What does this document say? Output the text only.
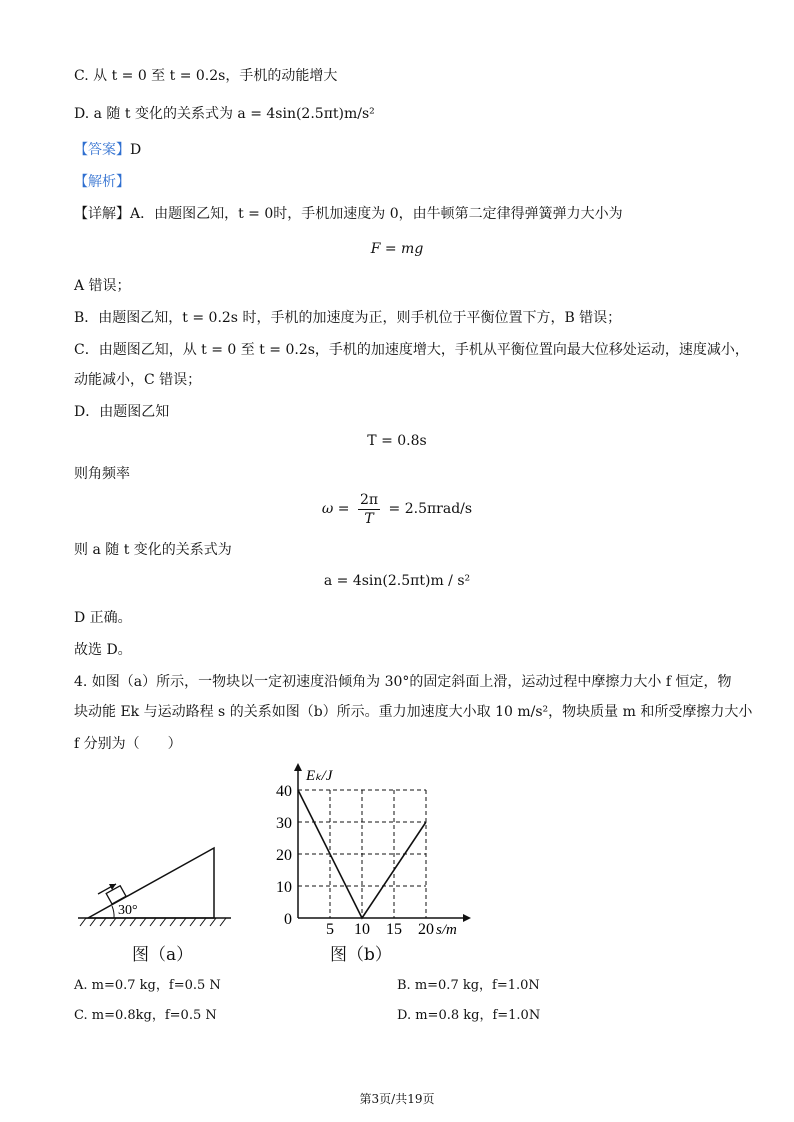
C. 从 t = 0 至 t = 0.2s，手机的动能增大
D. a 随 t 变化的关系式为 a = 4sin(2.5πt)m/s²
【答案】D
【解析】
【详解】A．由题图乙知，t = 0时，手机加速度为 0，由牛顿第二定律得弹簧弹力大小为
F = mg
A 错误；
B．由题图乙知，t = 0.2s 时，手机的加速度为正，则手机位于平衡位置下方，B 错误；
C．由题图乙知，从 t = 0 至 t = 0.2s，手机的加速度增大，手机从平衡位置向最大位移处运动，速度减小，
动能减小，C 错误；
D．由题图乙知
T = 0.8s
则角频率
$\omega = \frac{2\pi}{T} = 2.5\pi rad/s$
则 a 随 t 变化的关系式为
a = 4sin(2.5πt)m / s²
D 正确。
故选 D。
4. 如图（a）所示，一物块以一定初速度沿倾角为 30°的固定斜面上滑，运动过程中摩擦力大小 f 恒定，物
块动能 Ek 与运动路程 s 的关系如图（b）所示。重力加速度大小取 10 m/s²，物块质量 m 和所受摩擦力大小
f 分别为（　　）
30°
图（a）
0
10
20
30
40
5 10 15 20
Eₖ/J
s/m
图（b）
A. m=0.7 kg，f=0.5 N	B. m=0.7 kg，f=1.0N
C. m=0.8kg，f=0.5 N	D. m=0.8 kg，f=1.0N
第3页/共19页
